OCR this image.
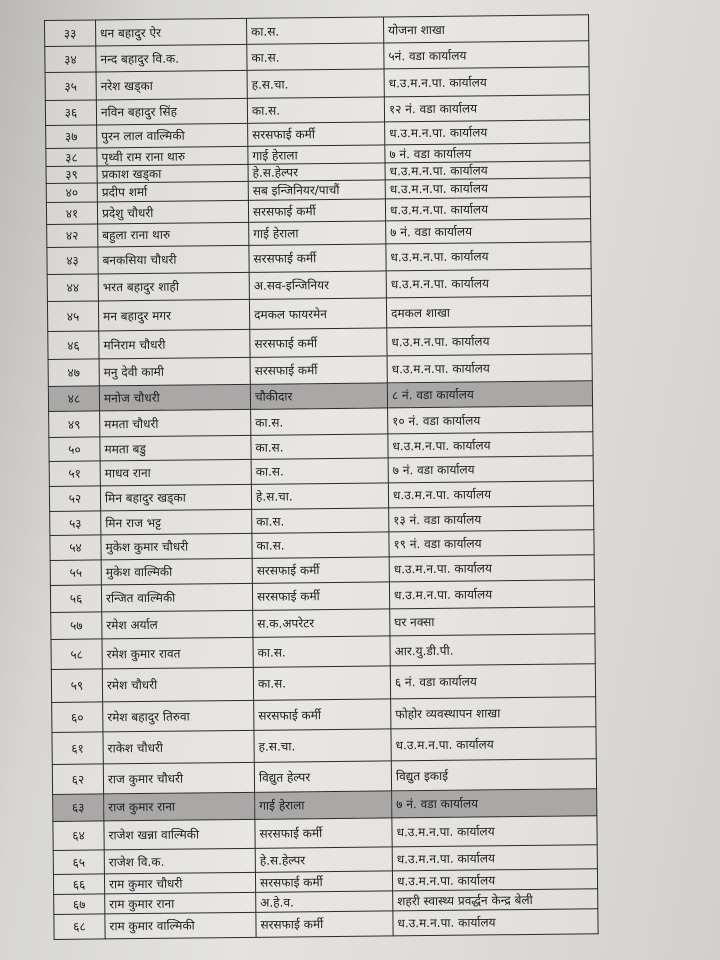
३३	धन बहादुर ऐर	का.स.	योजना शाखा
३४	नन्द बहादुर वि.क.	का.स.	५नं. वडा कार्यालय
३५	नरेश खड्का	ह.स.चा.	ध.उ.म.न.पा. कार्यालय
३६	नविन बहादुर सिंह	का.स.	१२ नं. वडा कार्यालय
३७	पुरन लाल वाल्मिकी	सरसफाई कर्मी	ध.उ.म.न.पा. कार्यालय
३८	पृथ्वी राम राना थारु	गाई हेराला	७ नं. वडा कार्यालय
३९	प्रकाश खड्का	हे.स.हेल्पर	ध.उ.म.न.पा. कार्यालय
४०	प्रदीप शर्मा	सब इन्जिनियर/पाचौं	ध.उ.म.न.पा. कार्यालय
४१	प्रदेशु चौधरी	सरसफाई कर्मी	ध.उ.म.न.पा. कार्यालय
४२	बहुला राना थारु	गाई हेराला	७ नं. वडा कार्यालय
४३	बनकसिया चौधरी	सरसफाई कर्मी	ध.उ.म.न.पा. कार्यालय
४४	भरत बहादुर शाही	अ.सव-इन्जिनियर	ध.उ.म.न.पा. कार्यालय
४५	मन बहादुर मगर	दमकल फायरमेन	दमकल शाखा
४६	मनिराम चौधरी	सरसफाई कर्मी	ध.उ.म.न.पा. कार्यालय
४७	मनु देवी कामी	सरसफाई कर्मी	ध.उ.म.न.पा. कार्यालय
४८	मनोज चौधरी	चौकीदार	८ नं. वडा कार्यालय
४९	ममता चौधरी	का.स.	१० नं. वडा कार्यालय
५०	ममता बडु	का.स.	ध.उ.म.न.पा. कार्यालय
५१	माधव राना	का.स.	७ नं. वडा कार्यालय
५२	मिन बहादुर खड्का	हे.स.चा.	ध.उ.म.न.पा. कार्यालय
५३	मिन राज भट्ट	का.स.	१३ नं. वडा कार्यालय
५४	मुकेश कुमार चौधरी	का.स.	१९ नं. वडा कार्यालय
५५	मुकेश वाल्मिकी	सरसफाई कर्मी	ध.उ.म.न.पा. कार्यालय
५६	रन्जित वाल्मिकी	सरसफाई कर्मी	ध.उ.म.न.पा. कार्यालय
५७	रमेश अर्याल	स.क.अपरेटर	घर नक्सा
५८	रमेश कुमार रावत	का.स.	आर.यु.डी.पी.
५९	रमेश चौधरी	का.स.	६ नं. वडा कार्यालय
६०	रमेश बहादुर तिरुवा	सरसफाई कर्मी	फोहोर व्यवस्थापन शाखा
६१	राकेश चौधरी	ह.स.चा.	ध.उ.म.न.पा. कार्यालय
६२	राज कुमार चौधरी	विद्युत हेल्पर	विद्युत इकाई
६३	राज कुमार राना	गाई हेराला	७ नं. वडा कार्यालय
६४	राजेश खन्ना वाल्मिकी	सरसफाई कर्मी	ध.उ.म.न.पा. कार्यालय
६५	राजेश वि.क.	हे.स.हेल्पर	ध.उ.म.न.पा. कार्यालय
६६	राम कुमार चौधरी	सरसफाई कर्मी	ध.उ.म.न.पा. कार्यालय
६७	राम कुमार राना	अ.हे.व.	शहरी स्वास्थ्य प्रवर्द्धन केन्द्र बेली
६८	राम कुमार वाल्मिकी	सरसफाई कर्मी	ध.उ.म.न.पा. कार्यालय
